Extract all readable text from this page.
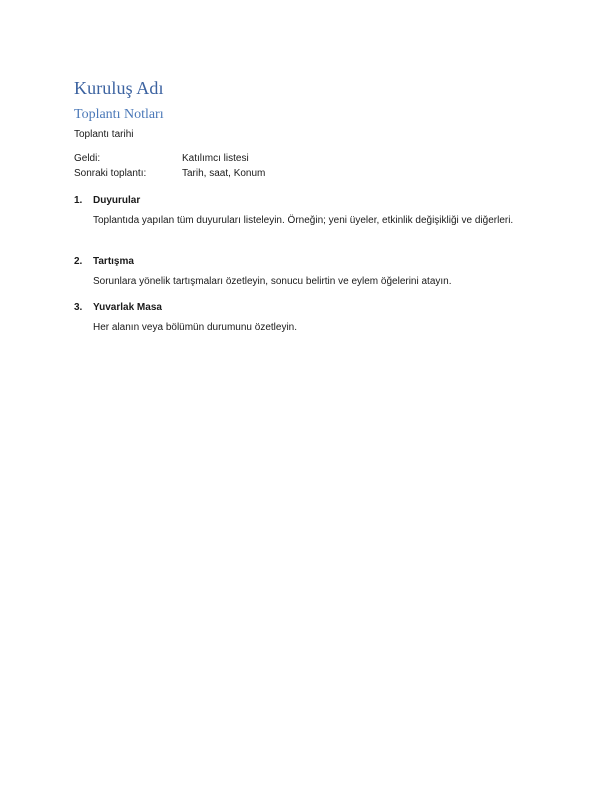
Kuruluş Adı
Toplantı Notları
Toplantı tarihi
Geldi:	Katılımcı listesi
Sonraki toplantı:	Tarih, saat, Konum
1.	Duyurular
Toplantıda yapılan tüm duyuruları listeleyin. Örneğin; yeni üyeler, etkinlik değişikliği ve diğerleri.
2.	Tartışma
Sorunlara yönelik tartışmaları özetleyin, sonucu belirtin ve eylem öğelerini atayın.
3.	Yuvarlak Masa
Her alanın veya bölümün durumunu özetleyin.
